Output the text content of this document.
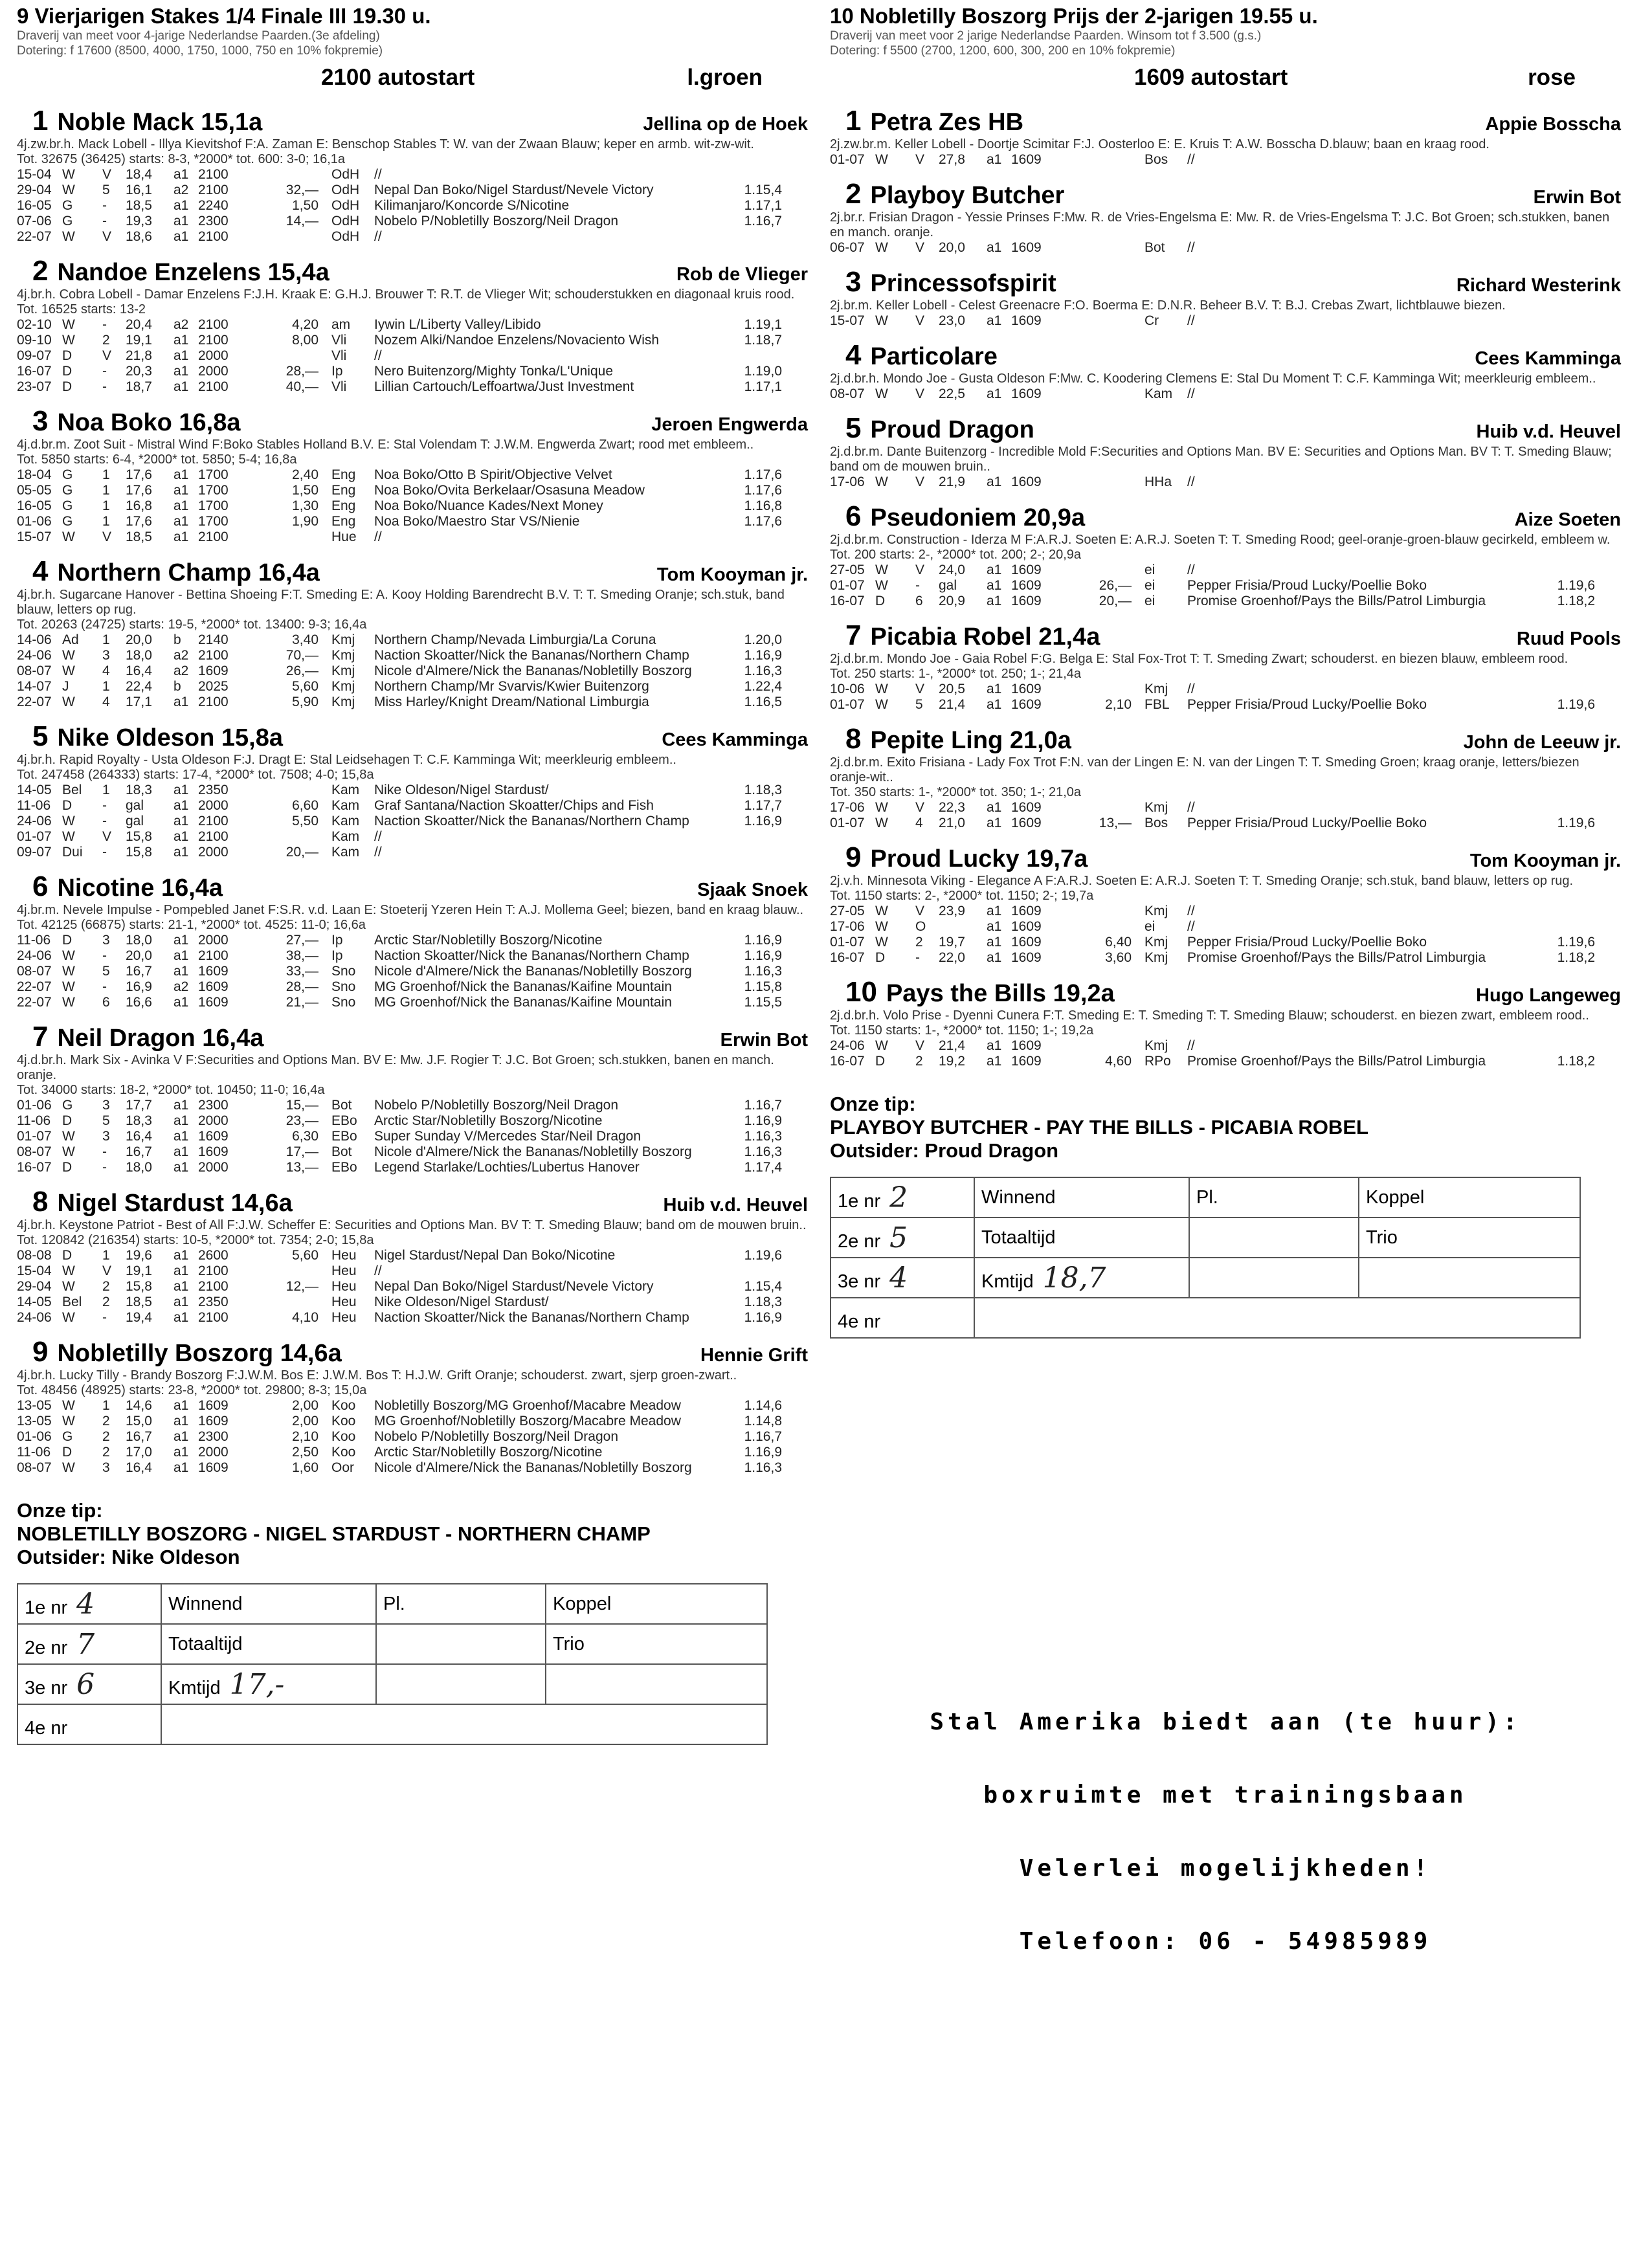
9 Vierjarigen Stakes 1/4 Finale III 19.30 u.
Draverij van meet voor 4-jarige Nederlandse Paarden.(3e afdeling)
Dotering: f 17600 (8500, 4000, 1750, 1000, 750 en 10% fokpremie)
2100 autostart	l.groen
1 Noble Mack 15,1a	Jellina op de Hoek
4j.zw.br.h. Mack Lobell - Illya Kievitshof F:A. Zaman E: Benschop Stables T: W. van der Zwaan Blauw; keper en armb. wit-zw-wit.
Tot. 32675 (36425) starts: 8-3, *2000* tot. 600: 3-0; 16,1a
15-04 W	V	18,4	a1 2100	OdH	//
29-04 W	5	16,1	a2 2100	32,— OdH	Nepal Dan Boko/Nigel Stardust/Nevele Victory	1.15,4
16-05 G	-	18,5	a1 2240	1,50 OdH	Kilimanjaro/Koncorde S/Nicotine	1.17,1
07-06 G	-	19,3	a1 2300	14,— OdH	Nobelo P/Nobletilly Boszorg/Neil Dragon	1.16,7
22-07 W	V	18,6	a1 2100	OdH	//
2 Nandoe Enzelens 15,4a	Rob de Vlieger
4j.br.h. Cobra Lobell - Damar Enzelens F:J.H. Kraak E: G.H.J. Brouwer T: R.T. de Vlieger Wit; schouderstukken en diagonaal kruis rood.
Tot. 16525 starts: 13-2
02-10 W	-	20,4	a2 2100	4,20 am	Iywin L/Liberty Valley/Libido	1.19,1
09-10 W	2	19,1	a1 2100	8,00 Vli	Nozem Alki/Nandoe Enzelens/Novaciento Wish	1.18,7
09-07 D	V	21,8	a1 2000	Vli	//
16-07 D	-	20,3	a1 2000	28,— Ip	Nero Buitenzorg/Mighty Tonka/L'Unique	1.19,0
23-07 D	-	18,7	a1 2100	40,— Vli	Lillian Cartouch/Leffoartwa/Just Investment	1.17,1
3 Noa Boko 16,8a	Jeroen Engwerda
4j.d.br.m. Zoot Suit - Mistral Wind F:Boko Stables Holland B.V. E: Stal Volendam T: J.W.M. Engwerda Zwart; rood met embleem..
Tot. 5850 starts: 6-4, *2000* tot. 5850; 5-4; 16,8a
18-04 G	1	17,6	a1 1700	2,40 Eng	Noa Boko/Otto B Spirit/Objective Velvet	1.17,6
05-05 G	1	17,6	a1 1700	1,50 Eng	Noa Boko/Ovita Berkelaar/Osasuna Meadow	1.17,6
16-05 G	1	16,8	a1 1700	1,30 Eng	Noa Boko/Nuance Kades/Next Money	1.16,8
01-06 G	1	17,6	a1 1700	1,90 Eng	Noa Boko/Maestro Star VS/Nienie	1.17,6
15-07 W	V	18,5	a1 2100	Hue	//
4 Northern Champ 16,4a	Tom Kooyman jr.
4j.br.h. Sugarcane Hanover - Bettina Shoeing F:T. Smeding E: A. Kooy Holding Barendrecht B.V. T: T. Smeding Oranje; sch.stuk, band blauw, letters op rug.
Tot. 20263 (24725) starts: 19-5, *2000* tot. 13400: 9-3; 16,4a
14-06 Ad	1	20,0	b	2140	3,40 Kmj	Northern Champ/Nevada Limburgia/La Coruna	1.20,0
24-06 W	3	18,0	a2 2100	70,— Kmj	Naction Skoatter/Nick the Bananas/Northern Champ	1.16,9
08-07 W	4	16,4	a2 1609	26,— Kmj	Nicole d'Almere/Nick the Bananas/Nobletilly Boszorg	1.16,3
14-07 J	1	22,4	b	2025	5,60 Kmj	Northern Champ/Mr Svarvis/Kwier Buitenzorg	1.22,4
22-07 W	4	17,1	a1 2100	5,90 Kmj	Miss Harley/Knight Dream/National Limburgia	1.16,5
5 Nike Oldeson 15,8a	Cees Kamminga
4j.br.h. Rapid Royalty - Usta Oldeson F:J. Dragt E: Stal Leidsehagen T: C.F. Kamminga Wit; meerkleurig embleem..
Tot. 247458 (264333) starts: 17-4, *2000* tot. 7508; 4-0; 15,8a
14-05 Bel	1	18,3	a1 2350	Kam	Nike Oldeson/Nigel Stardust/	1.18,3
11-06 D	-	gal	a1 2000	6,60 Kam	Graf Santana/Naction Skoatter/Chips and Fish	1.17,7
24-06 W	-	gal	a1 2100	5,50 Kam	Naction Skoatter/Nick the Bananas/Northern Champ	1.16,9
01-07 W	V	15,8	a1 2100	Kam	//
09-07 Dui	-	15,8	a1 2000	20,— Kam	//
6 Nicotine 16,4a	Sjaak Snoek
4j.br.m. Nevele Impulse - Pompebled Janet F:S.R. v.d. Laan E: Stoeterij Yzeren Hein T: A.J. Mollema Geel; biezen, band en kraag blauw..
Tot. 42125 (66875) starts: 21-1, *2000* tot. 4525: 11-0; 16,6a
11-06 D	3	18,0	a1 2000	27,— Ip	Arctic Star/Nobletilly Boszorg/Nicotine	1.16,9
24-06 W	-	20,0	a1 2100	38,— Ip	Naction Skoatter/Nick the Bananas/Northern Champ	1.16,9
08-07 W	5	16,7	a1 1609	33,— Sno	Nicole d'Almere/Nick the Bananas/Nobletilly Boszorg	1.16,3
22-07 W	-	16,9	a2 1609	28,— Sno	MG Groenhof/Nick the Bananas/Kaifine Mountain	1.15,8
22-07 W	6	16,6	a1 1609	21,— Sno	MG Groenhof/Nick the Bananas/Kaifine Mountain	1.15,5
7 Neil Dragon 16,4a	Erwin Bot
4j.d.br.h. Mark Six - Avinka V F:Securities and Options Man. BV E: Mw. J.F. Rogier T: J.C. Bot Groen; sch.stukken, banen en manch. oranje.
Tot. 34000 starts: 18-2, *2000* tot. 10450; 11-0; 16,4a
01-06 G	3	17,7	a1 2300	15,— Bot	Nobelo P/Nobletilly Boszorg/Neil Dragon	1.16,7
11-06 D	5	18,3	a1 2000	23,— EBo	Arctic Star/Nobletilly Boszorg/Nicotine	1.16,9
01-07 W	3	16,4	a1 1609	6,30 EBo	Super Sunday V/Mercedes Star/Neil Dragon	1.16,3
08-07 W	-	16,7	a1 1609	17,— Bot	Nicole d'Almere/Nick the Bananas/Nobletilly Boszorg	1.16,3
16-07 D	-	18,0	a1 2000	13,— EBo	Legend Starlake/Lochties/Lubertus Hanover	1.17,4
8 Nigel Stardust 14,6a	Huib v.d. Heuvel
4j.br.h. Keystone Patriot - Best of All F:J.W. Scheffer E: Securities and Options Man. BV T: T. Smeding Blauw; band om de mouwen bruin..
Tot. 120842 (216354) starts: 10-5, *2000* tot. 7354; 2-0; 15,8a
08-08 D	1	19,6	a1 2600	5,60 Heu	Nigel Stardust/Nepal Dan Boko/Nicotine	1.19,6
15-04 W	V	19,1	a1 2100	Heu	//
29-04 W	2	15,8	a1 2100	12,— Heu	Nepal Dan Boko/Nigel Stardust/Nevele Victory	1.15,4
14-05 Bel	2	18,5	a1 2350	Heu	Nike Oldeson/Nigel Stardust/	1.18,3
24-06 W	-	19,4	a1 2100	4,10 Heu	Naction Skoatter/Nick the Bananas/Northern Champ	1.16,9
9 Nobletilly Boszorg 14,6a	Hennie Grift
4j.br.h. Lucky Tilly - Brandy Boszorg F:J.W.M. Bos E: J.W.M. Bos T: H.J.W. Grift Oranje; schouderst. zwart, sjerp groen-zwart..
Tot. 48456 (48925) starts: 23-8, *2000* tot. 29800; 8-3; 15,0a
13-05 W	1	14,6	a1 1609	2,00 Koo	Nobletilly Boszorg/MG Groenhof/Macabre Meadow	1.14,6
13-05 W	2	15,0	a1 1609	2,00 Koo	MG Groenhof/Nobletilly Boszorg/Macabre Meadow	1.14,8
01-06 G	2	16,7	a1 2300	2,10 Koo	Nobelo P/Nobletilly Boszorg/Neil Dragon	1.16,7
11-06 D	2	17,0	a1 2000	2,50 Koo	Arctic Star/Nobletilly Boszorg/Nicotine	1.16,9
08-07 W	3	16,4	a1 1609	1,60 Oor	Nicole d'Almere/Nick the Bananas/Nobletilly Boszorg	1.16,3
Onze tip:
NOBLETILLY BOSZORG - NIGEL STARDUST - NORTHERN CHAMP
Outsider: Nike Oldeson
1e nr 4	Winnend	Pl.	Koppel
2e nr 7	Totaaltijd		Trio
3e nr 6	Kmtijd 17,-		
4e nr			
10 Nobletilly Boszorg Prijs der 2-jarigen 19.55 u.
Draverij van meet voor 2 jarige Nederlandse Paarden. Winsom tot f 3.500 (g.s.)
Dotering: f 5500 (2700, 1200, 600, 300, 200 en 10% fokpremie)
1609 autostart	rose
1 Petra Zes HB	Appie Bosscha
2j.zw.br.m. Keller Lobell - Doortje Scimitar F:J. Oosterloo E: E. Kruis T: A.W. Bosscha D.blauw; baan en kraag rood.
01-07 W	V	27,8	a1 1609	Bos	//
2 Playboy Butcher	Erwin Bot
2j.br.r. Frisian Dragon - Yessie Prinses F:Mw. R. de Vries-Engelsma E: Mw. R. de Vries-Engelsma T: J.C. Bot Groen; sch.stukken, banen en manch. oranje.
06-07 W	V	20,0	a1 1609	Bot	//
3 Princessofspirit	Richard Westerink
2j.br.m. Keller Lobell - Celest Greenacre F:O. Boerma E: D.N.R. Beheer B.V. T: B.J. Crebas Zwart, lichtblauwe biezen.
15-07 W	V	23,0	a1 1609	Cr	//
4 Particolare	Cees Kamminga
2j.d.br.h. Mondo Joe - Gusta Oldeson F:Mw. C. Koodering Clemens E: Stal Du Moment T: C.F. Kamminga Wit; meerkleurig embleem..
08-07 W	V	22,5	a1 1609	Kam	//
5 Proud Dragon	Huib v.d. Heuvel
2j.d.br.m. Dante Buitenzorg - Incredible Mold F:Securities and Options Man. BV E: Securities and Options Man. BV T: T. Smeding Blauw; band om de mouwen bruin..
17-06 W	V	21,9	a1 1609	HHa	//
6 Pseudoniem 20,9a	Aize Soeten
2j.d.br.m. Construction - Iderza M F:A.R.J. Soeten E: A.R.J. Soeten T: T. Smeding Rood; geel-oranje-groen-blauw gecirkeld, embleem w.
Tot. 200 starts: 2-, *2000* tot. 200; 2-; 20,9a
27-05 W	V	24,0	a1 1609	ei	//
01-07 W	-	gal	a1 1609	26,— ei	Pepper Frisia/Proud Lucky/Poellie Boko	1.19,6
16-07 D	6	20,9	a1 1609	20,— ei	Promise Groenhof/Pays the Bills/Patrol Limburgia	1.18,2
7 Picabia Robel 21,4a	Ruud Pools
2j.d.br.m. Mondo Joe - Gaia Robel F:G. Belga E: Stal Fox-Trot T: T. Smeding Zwart; schouderst. en biezen blauw, embleem rood.
Tot. 250 starts: 1-, *2000* tot. 250; 1-; 21,4a
10-06 W	V	20,5	a1 1609	Kmj	//
01-07 W	5	21,4	a1 1609	2,10 FBL	Pepper Frisia/Proud Lucky/Poellie Boko	1.19,6
8 Pepite Ling 21,0a	John de Leeuw jr.
2j.d.br.m. Exito Frisiana - Lady Fox Trot F:N. van der Lingen E: N. van der Lingen T: T. Smeding Groen; kraag oranje, letters/biezen oranje-wit..
Tot. 350 starts: 1-, *2000* tot. 350; 1-; 21,0a
17-06 W	V	22,3	a1 1609	Kmj	//
01-07 W	4	21,0	a1 1609	13,— Bos	Pepper Frisia/Proud Lucky/Poellie Boko	1.19,6
9 Proud Lucky 19,7a	Tom Kooyman jr.
2j.v.h. Minnesota Viking - Elegance A F:A.R.J. Soeten E: A.R.J. Soeten T: T. Smeding Oranje; sch.stuk, band blauw, letters op rug.
Tot. 1150 starts: 2-, *2000* tot. 1150; 2-; 19,7a
27-05 W	V	23,9	a1 1609	Kmj	//
17-06 W	O	a1 1609	ei	//
01-07 W	2	19,7	a1 1609	6,40 Kmj	Pepper Frisia/Proud Lucky/Poellie Boko	1.19,6
16-07 D	-	22,0	a1 1609	3,60 Kmj	Promise Groenhof/Pays the Bills/Patrol Limburgia	1.18,2
10 Pays the Bills 19,2a	Hugo Langeweg
2j.d.br.h. Volo Prise - Dyenni Cunera F:T. Smeding E: T. Smeding T: T. Smeding Blauw; schouderst. en biezen zwart, embleem rood..
Tot. 1150 starts: 1-, *2000* tot. 1150; 1-; 19,2a
24-06 W	V	21,4	a1 1609	Kmj	//
16-07 D	2	19,2	a1 1609	4,60 RPo	Promise Groenhof/Pays the Bills/Patrol Limburgia	1.18,2
Onze tip:
PLAYBOY BUTCHER - PAY THE BILLS - PICABIA ROBEL
Outsider: Proud Dragon
1e nr 2	Winnend	Pl.	Koppel
2e nr 5	Totaaltijd		Trio
3e nr 4	Kmtijd 18,7		
4e nr			
Stal Amerika biedt aan (te huur):
boxruimte met trainingsbaan
Velerlei mogelijkheden!
Telefoon: 06 - 54985989
